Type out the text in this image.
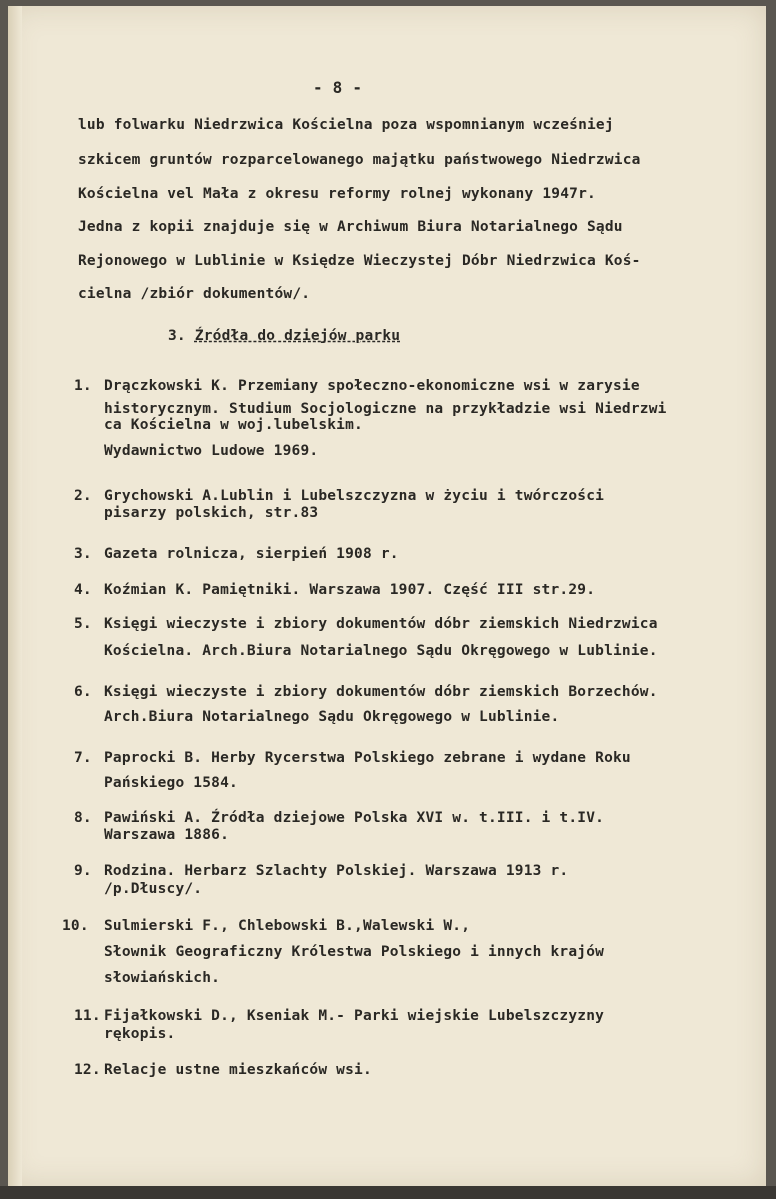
- 8 -
lub folwarku Niedrzwica Kościelna poza wspomnianym wcześniej
szkicem gruntów rozparcelowanego majątku państwowego Niedrzwica
Kościelna vel Mała z okresu reformy rolnej wykonany 1947r.
Jedna z kopii znajduje się w Archiwum Biura Notarialnego Sądu
Rejonowego w Lublinie w Księdze Wieczystej Dóbr Niedrzwica Koś-
cielna /zbiór dokumentów/.
3. Źródła do dziejów parku
1. Drączkowski K. Przemiany społeczno-ekonomiczne wsi w zarysie
historycznym. Studium Socjologiczne na przykładzie wsi Niedrzwi
ca Kościelna w woj.lubelskim.
Wydawnictwo Ludowe 1969.
2. Grychowski A.Lublin i Lubelszczyzna w życiu i twórczości
pisarzy polskich, str.83
3. Gazeta rolnicza, sierpień 1908 r.
4. Koźmian K. Pamiętniki. Warszawa 1907. Część III str.29.
5. Księgi wieczyste i zbiory dokumentów dóbr ziemskich Niedrzwica
Kościelna. Arch.Biura Notarialnego Sądu Okręgowego w Lublinie.
6. Księgi wieczyste i zbiory dokumentów dóbr ziemskich Borzechów.
Arch.Biura Notarialnego Sądu Okręgowego w Lublinie.
7. Paprocki B. Herby Rycerstwa Polskiego zebrane i wydane Roku
Pańskiego 1584.
8. Pawiński A. Źródła dziejowe Polska XVI w. t.III. i t.IV.
Warszawa 1886.
9. Rodzina. Herbarz Szlachty Polskiej. Warszawa 1913 r.
/p.Dłuscy/.
10. Sulmierski F., Chlebowski B.,Walewski W.,
Słownik Geograficzny Królestwa Polskiego i innych krajów
słowiańskich.
11. Fijałkowski D., Kseniak M.- Parki wiejskie Lubelszczyzny
rękopis.
12. Relacje ustne mieszkańców wsi.
